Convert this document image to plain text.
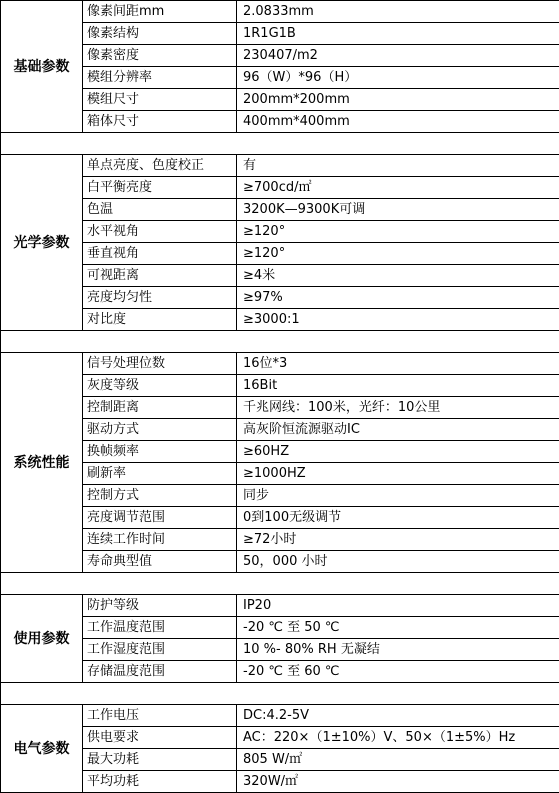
基础参数	像素间距mm	2.0833mm
	像素结构	1R1G1B
	像素密度	230407/m2
	模组分辨率	96（W）*96（H）
	模组尺寸	200mm*200mm
	箱体尺寸	400mm*400mm

光学参数	单点亮度、色度校正	有
	白平衡亮度	≥700cd/㎡
	色温	3200K—9300K可调
	水平视角	≥120°
	垂直视角	≥120°
	可视距离	≥4米
	亮度均匀性	≥97%
	对比度	≥3000:1

系统性能	信号处理位数	16位*3
	灰度等级	16Bit
	控制距离	千兆网线：100米，光纤：10公里
	驱动方式	高灰阶恒流源驱动IC
	换帧频率	≥60HZ
	刷新率	≥1000HZ
	控制方式	同步
	亮度调节范围	0到100无级调节
	连续工作时间	≥72小时
	寿命典型值	50，000 小时

使用参数	防护等级	IP20
	工作温度范围	-20 ℃ 至 50 ℃
	工作湿度范围	10 %- 80% RH 无凝结
	存储温度范围	-20 ℃ 至 60 ℃

电气参数	工作电压	DC:4.2-5V
	供电要求	AC：220×（1±10%）V、50×（1±5%）Hz
	最大功耗	805 W/㎡
	平均功耗	320W/㎡
